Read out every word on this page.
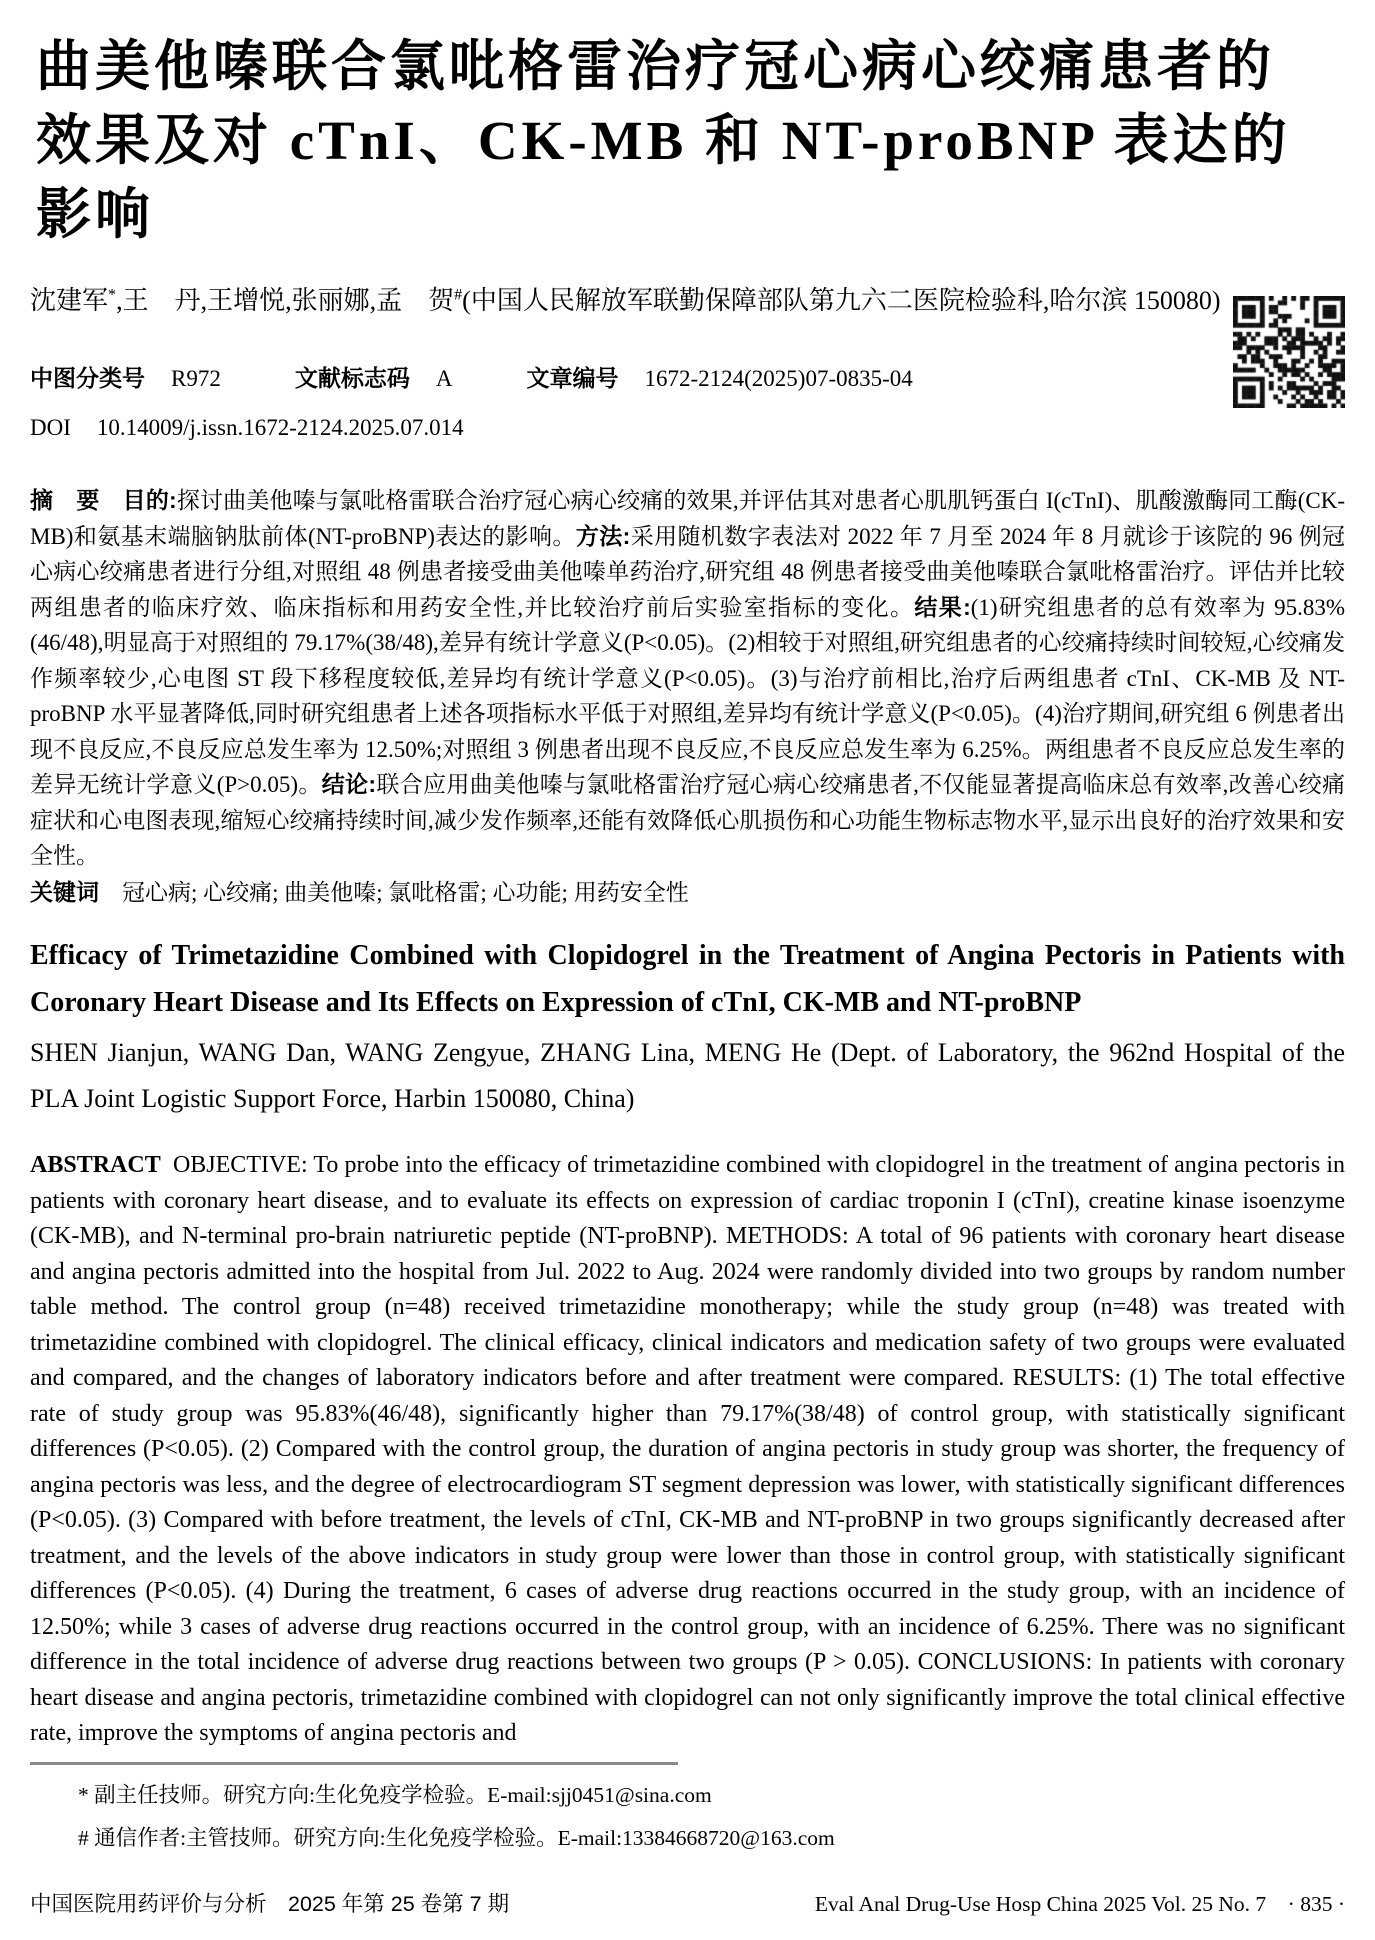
曲美他嗪联合氯吡格雷治疗冠心病心绞痛患者的
效果及对 cTnI、CK-MB 和 NT-proBNP 表达的影响

沈建军*,王　丹,王增悦,张丽娜,孟　贺#(中国人民解放军联勤保障部队第九六二医院检验科,哈尔滨 150080)

中图分类号 R972	文献标志码 A	文章编号 1672-2124(2025)07-0835-04
DOI 10.14009/j.issn.1672-2124.2025.07.014

摘　要　 目的:探讨曲美他嗪与氯吡格雷联合治疗冠心病心绞痛的效果,并评估其对患者心肌肌钙蛋白 I(cTnI)、肌酸激酶同工酶(CK-MB)和氨基末端脑钠肽前体(NT-proBNP)表达的影响。方法:采用随机数字表法对 2022 年 7 月至 2024 年 8 月就诊于该院的 96 例冠心病心绞痛患者进行分组,对照组 48 例患者接受曲美他嗪单药治疗,研究组 48 例患者接受曲美他嗪联合氯吡格雷治疗。评估并比较两组患者的临床疗效、临床指标和用药安全性,并比较治疗前后实验室指标的变化。结果:(1)研究组患者的总有效率为 95.83%(46/48),明显高于对照组的 79.17%(38/48),差异有统计学意义(P<0.05)。(2)相较于对照组,研究组患者的心绞痛持续时间较短,心绞痛发作频率较少,心电图 ST 段下移程度较低,差异均有统计学意义(P<0.05)。(3)与治疗前相比,治疗后两组患者 cTnI、CK-MB 及 NT-proBNP 水平显著降低,同时研究组患者上述各项指标水平低于对照组,差异均有统计学意义(P<0.05)。(4)治疗期间,研究组 6 例患者出现不良反应,不良反应总发生率为 12.50%;对照组 3 例患者出现不良反应,不良反应总发生率为 6.25%。两组患者不良反应总发生率的差异无统计学意义(P>0.05)。结论:联合应用曲美他嗪与氯吡格雷治疗冠心病心绞痛患者,不仅能显著提高临床总有效率,改善心绞痛症状和心电图表现,缩短心绞痛持续时间,减少发作频率,还能有效降低心肌损伤和心功能生物标志物水平,显示出良好的治疗效果和安全性。

关键词　 冠心病; 心绞痛; 曲美他嗪; 氯吡格雷; 心功能; 用药安全性

Efficacy of Trimetazidine Combined with Clopidogrel in the Treatment of Angina Pectoris in Patients with Coronary Heart Disease and Its Effects on Expression of cTnI, CK-MB and NT-proBNP

SHEN Jianjun, WANG Dan, WANG Zengyue, ZHANG Lina, MENG He (Dept. of Laboratory, the 962nd Hospital of the PLA Joint Logistic Support Force, Harbin 150080, China)

ABSTRACT OBJECTIVE: To probe into the efficacy of trimetazidine combined with clopidogrel in the treatment of angina pectoris in patients with coronary heart disease, and to evaluate its effects on expression of cardiac troponin I (cTnI), creatine kinase isoenzyme (CK-MB), and N-terminal pro-brain natriuretic peptide (NT-proBNP). METHODS: A total of 96 patients with coronary heart disease and angina pectoris admitted into the hospital from Jul. 2022 to Aug. 2024 were randomly divided into two groups by random number table method. The control group (n=48) received trimetazidine monotherapy; while the study group (n=48) was treated with trimetazidine combined with clopidogrel. The clinical efficacy, clinical indicators and medication safety of two groups were evaluated and compared, and the changes of laboratory indicators before and after treatment were compared. RESULTS: (1) The total effective rate of study group was 95.83%(46/48), significantly higher than 79.17%(38/48) of control group, with statistically significant differences (P<0.05). (2) Compared with the control group, the duration of angina pectoris in study group was shorter, the frequency of angina pectoris was less, and the degree of electrocardiogram ST segment depression was lower, with statistically significant differences (P<0.05). (3) Compared with before treatment, the levels of cTnI, CK-MB and NT-proBNP in two groups significantly decreased after treatment, and the levels of the above indicators in study group were lower than those in control group, with statistically significant differences (P<0.05). (4) During the treatment, 6 cases of adverse drug reactions occurred in the study group, with an incidence of 12.50%; while 3 cases of adverse drug reactions occurred in the control group, with an incidence of 6.25%. There was no significant difference in the total incidence of adverse drug reactions between two groups (P > 0.05). CONCLUSIONS: In patients with coronary heart disease and angina pectoris, trimetazidine combined with clopidogrel can not only significantly improve the total clinical effective rate, improve the symptoms of angina pectoris and

* 副主任技师。研究方向:生化免疫学检验。E-mail:sjj0451@sina.com

# 通信作者:主管技师。研究方向:生化免疫学检验。E-mail:13384668720@163.com

中国医院用药评价与分析　2025 年第 25 卷第 7 期	Eval Anal Drug-Use Hosp China 2025 Vol. 25 No. 7　· 835 ·
